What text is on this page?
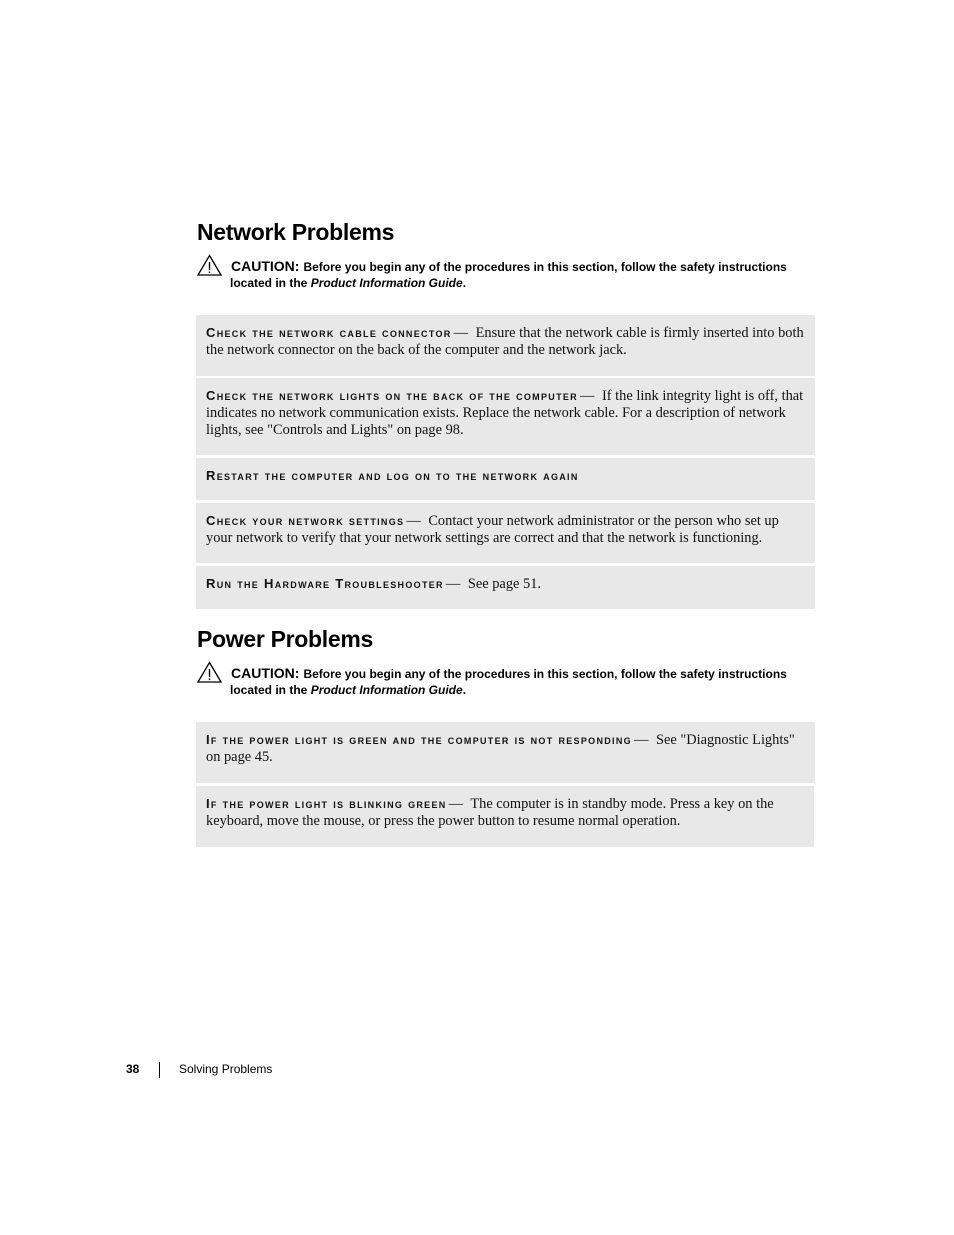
Network Problems
CAUTION: Before you begin any of the procedures in this section, follow the safety instructions
located in the Product Information Guide.
Check the network cable connector — Ensure that the network cable is firmly inserted into both the network connector on the back of the computer and the network jack.
Check the network lights on the back of the computer — If the link integrity light is off, that indicates no network communication exists. Replace the network cable. For a description of network lights, see "Controls and Lights" on page 98.
Restart the computer and log on to the network again
Check your network settings — Contact your network administrator or the person who set up your network to verify that your network settings are correct and that the network is functioning.
Run the Hardware Troubleshooter — See page 51.
Power Problems
CAUTION: Before you begin any of the procedures in this section, follow the safety instructions
located in the Product Information Guide.
If the power light is green and the computer is not responding — See "Diagnostic Lights" on page 45.
If the power light is blinking green — The computer is in standby mode. Press a key on the keyboard, move the mouse, or press the power button to resume normal operation.
38	Solving Problems
